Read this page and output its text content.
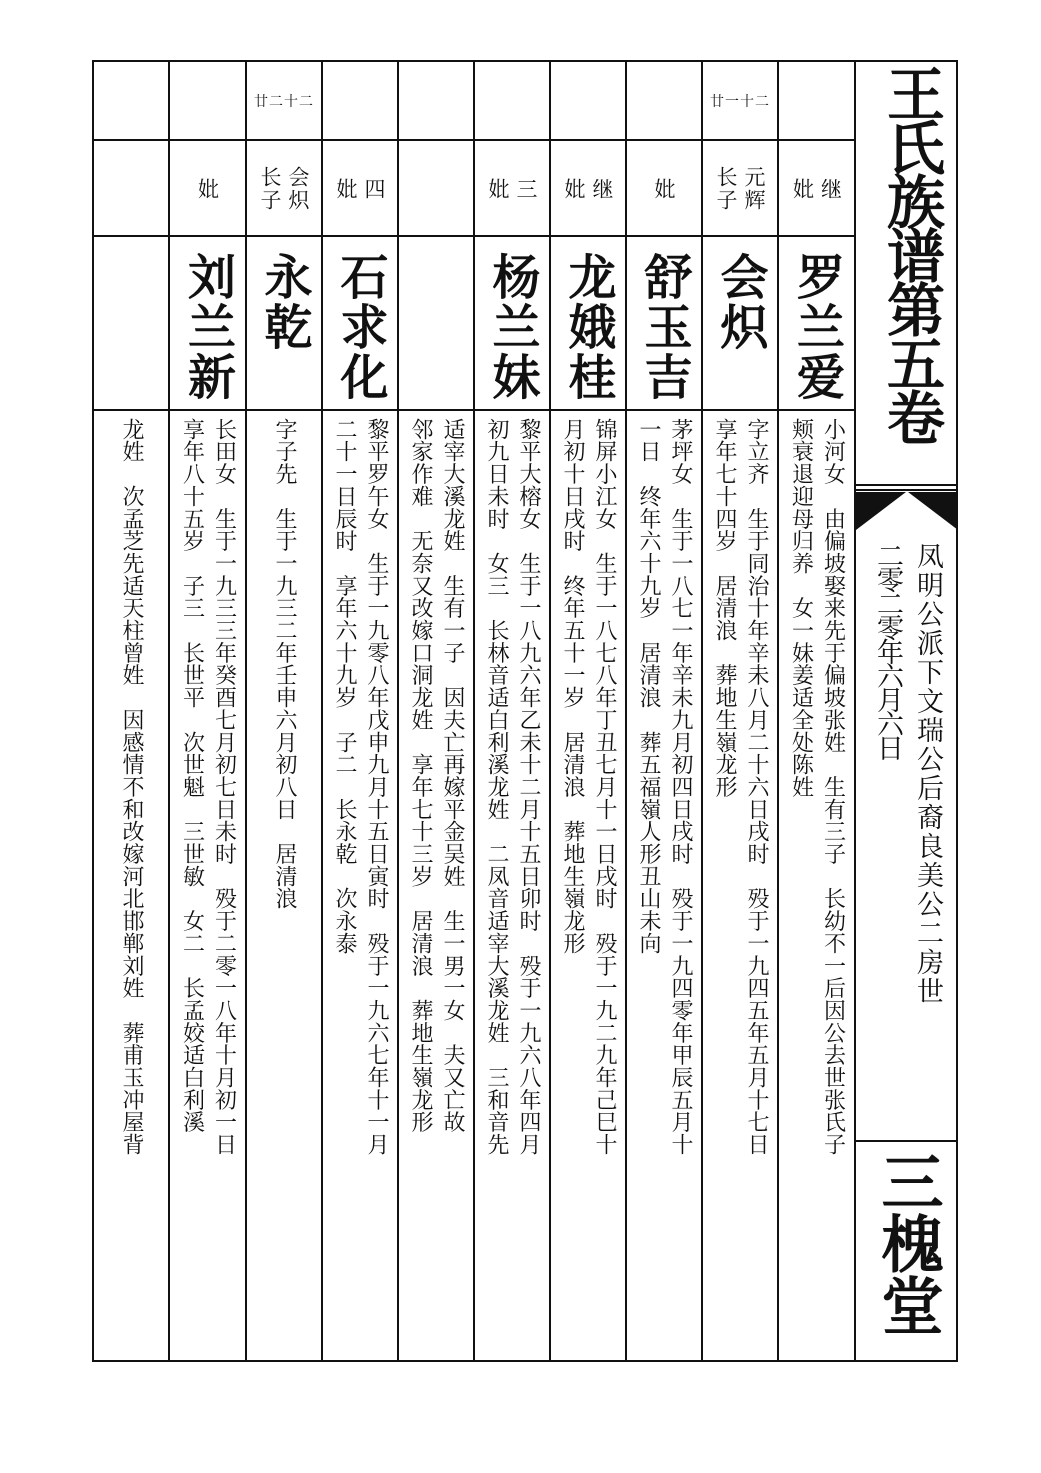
王氏族谱第五卷
凤明公派下文瑞公后裔良美公二房世
二零二零年六月六日
三槐堂
继
妣
罗兰爱
小河女　由偏坡娶来先于偏坡张姓　生有三子　长幼不一后因公去世张氏子
颊衰退迎母归养　女一妹姜适全处陈姓
廿一十二
元辉
长子
会炽
字立齐　生于同治十年辛未八月二十六日戌时　殁于一九四五年五月十七日
享年七十四岁　居清浪　葬地生嶺龙形
妣
舒玉吉
茅坪女　生于一八七一年辛未九月初四日戌时　殁于一九四零年甲辰五月十
一日　终年六十九岁　居清浪　葬五福嶺人形丑山未向
继
妣
龙娥桂
锦屏小江女　生于一八七八年丁丑七月十一日戌时　殁于一九二九年己巳十
月初十日戌时　终年五十一岁　居清浪　葬地生嶺龙形
三
妣
杨兰妹
黎平大榕女　生于一八九六年乙未十二月十五日卯时　殁于一九六八年四月
初九日未时　女三　长林音适白利溪龙姓　二凤音适宰大溪龙姓　三和音先
适宰大溪龙姓　生有一子　因夫亡再嫁平金吴姓　生一男一女　夫又亡故
邻家作难　无奈又改嫁口洞龙姓　享年七十三岁　居清浪　葬地生嶺龙形
四
妣
石求化
黎平罗午女　生于一九零八年戊申九月十五日寅时　殁于一九六七年十一月
二十一日辰时　享年六十九岁　子二　长永乾　次永泰
廿二十二
会炽
长子
永乾
字子先　生于一九三二年壬申六月初八日　居清浪
妣
刘兰新
长田女　生于一九三三年癸酉七月初七日未时　殁于二零一八年十月初一日
享年八十五岁　子三　长世平　次世魁　三世敏　女二　长孟姣适白利溪
龙姓　次孟芝先适天柱曾姓　因感情不和改嫁河北邯郸刘姓　葬甫玉冲屋背
